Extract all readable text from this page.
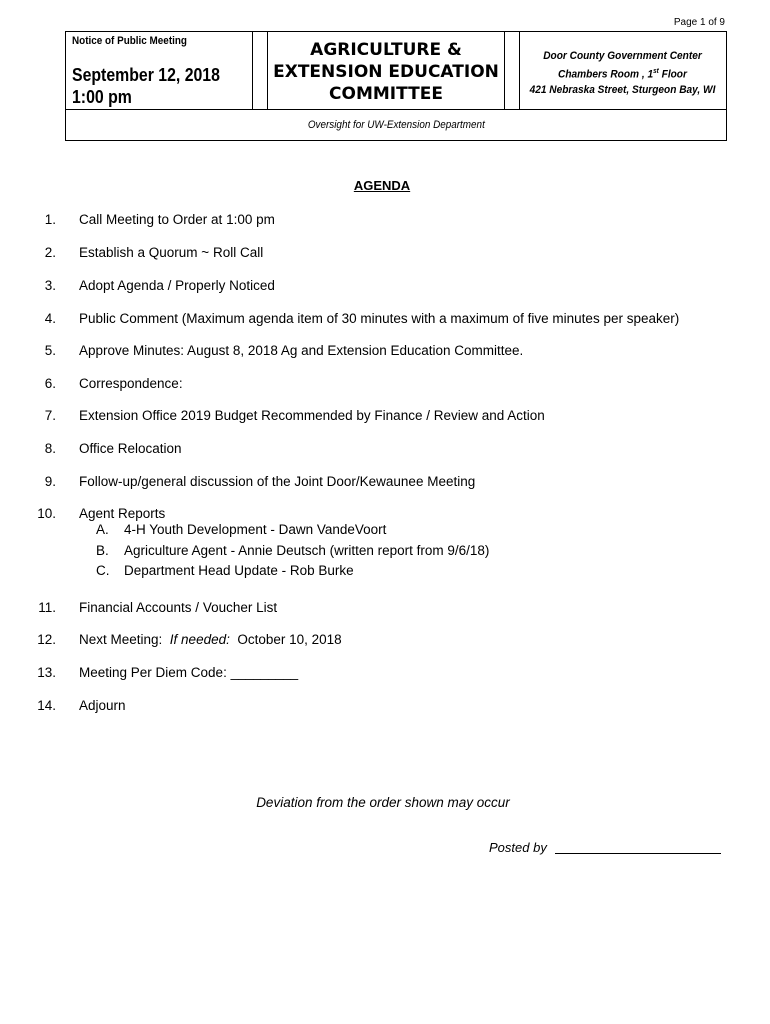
Page 1 of 9
Notice of Public Meeting
September 12, 2018
1:00 pm
AGRICULTURE &
EXTENSION EDUCATION
COMMITTEE
Door County Government Center
Chambers Room , 1st Floor
421 Nebraska Street, Sturgeon Bay, WI
Oversight for UW-Extension Department
AGENDA
1. Call Meeting to Order at 1:00 pm
2. Establish a Quorum ~ Roll Call
3. Adopt Agenda / Properly Noticed
4. Public Comment (Maximum agenda item of 30 minutes with a maximum of five minutes per speaker)
5. Approve Minutes: August 8, 2018 Ag and Extension Education Committee.
6. Correspondence:
7. Extension Office 2019 Budget Recommended by Finance / Review and Action
8. Office Relocation
9. Follow-up/general discussion of the Joint Door/Kewaunee Meeting
10. Agent Reports
A. 4-H Youth Development - Dawn VandeVoort
B. Agriculture Agent - Annie Deutsch (written report from 9/6/18)
C. Department Head Update - Rob Burke
11. Financial Accounts / Voucher List
12. Next Meeting:  If needed:  October 10, 2018
13. Meeting Per Diem Code: _________
14. Adjourn
Deviation from the order shown may occur
Posted by
